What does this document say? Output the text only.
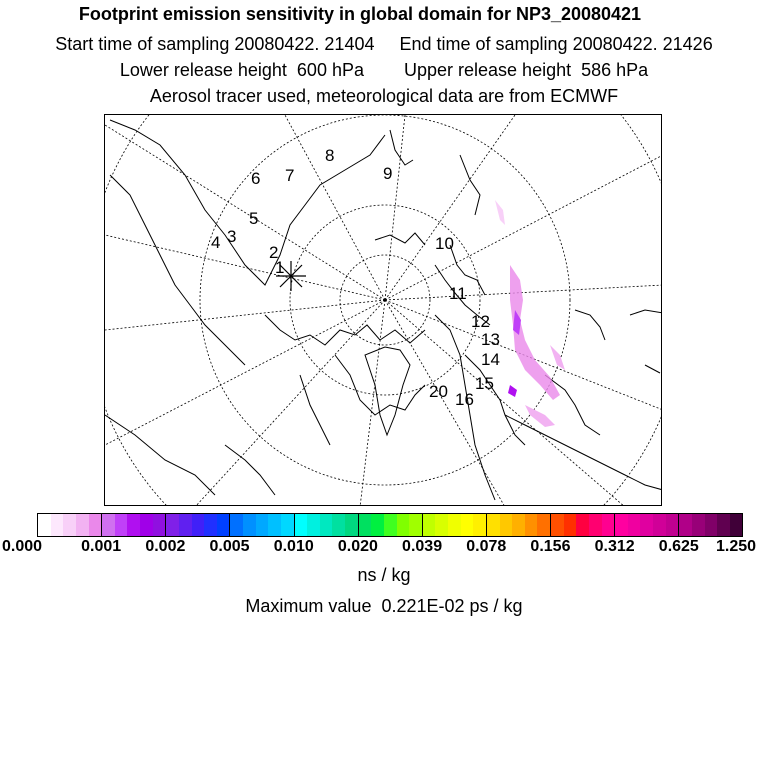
Footprint emission sensitivity in global domain for NP3_20080421
Start time of sampling 20080422. 21404     End time of sampling 20080422. 21426
Lower release height  600 hPa        Upper release height  586 hPa
Aerosol tracer used, meteorological data are from ECMWF
1
2
3
4
5
6 7
8
9
10
11
12
13
14
15
16
20
0.000 0.001 0.002 0.005 0.010 0.020 0.039 0.078 0.156 0.312 0.625 1.250
ns / kg
Maximum value  0.221E-02 ps / kg
